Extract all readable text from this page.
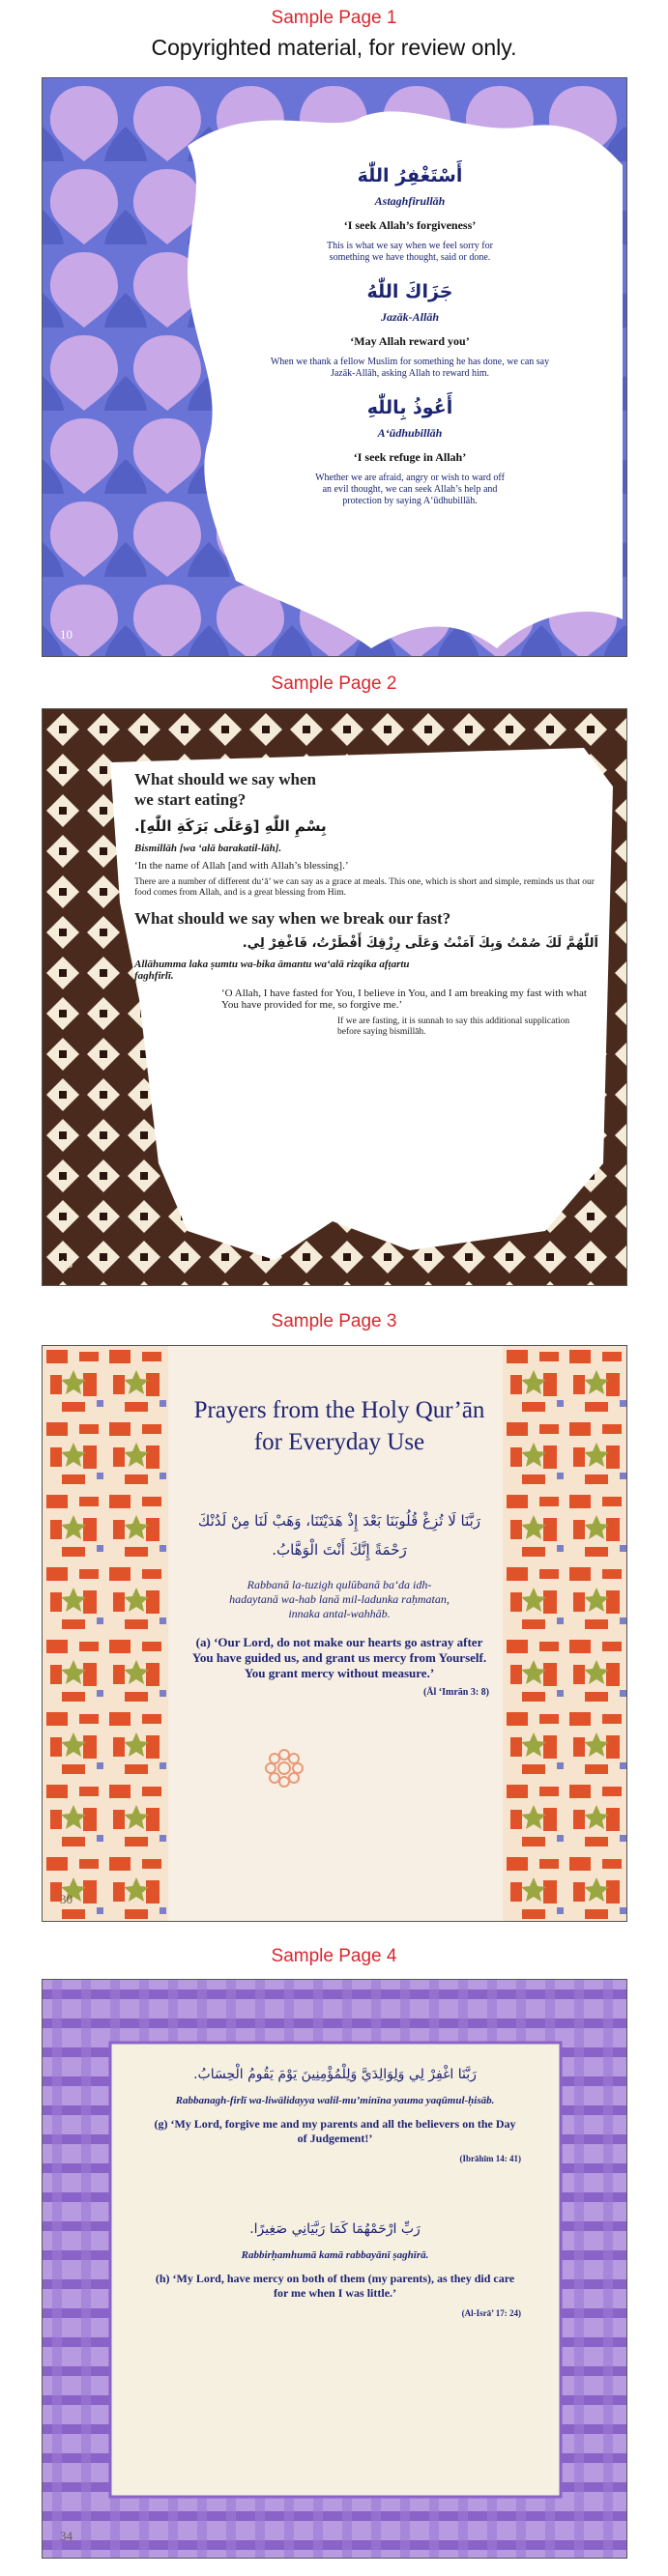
Sample Page 1
Copyrighted material, for review only.

أَسْتَغْفِرُ اللّٰهَ

Astaghfirullāh

‘I seek Allah’s forgiveness’

This is what we say when we feel sorry for something we have thought, said or done.

جَزَاكَ اللّٰهُ

Jazāk-Allāh

‘May Allah reward you’

When we thank a fellow Muslim for something he has done, we can say Jazāk-Allāh, asking Allah to reward him.

أَعُوذُ بِاللّٰهِ

A‘ūdhubillāh

‘I seek refuge in Allah’

Whether we are afraid, angry or wish to ward off an evil thought, we can seek Allah’s help and protection by saying A‘ūdhubillāh.

10
Sample Page 2

What should we say when we start eating?

بِسْمِ اللّٰهِ [وَعَلَى بَرَكَةِ اللّٰهِ].

Bismillāh [wa ‘alā barakatil-lāh].

‘In the name of Allah [and with Allah’s blessing].’

There are a number of different du‘ā’ we can say as a grace at meals. This one, which is short and simple, reminds us that our food comes from Allah, and is a great blessing from Him.

What should we say when we break our fast?

اَللّٰهُمَّ لَكَ صُمْتُ وَبِكَ آمَنْتُ وَعَلَى رِزْقِكَ أَفْطَرْتُ، فَاغْفِرْ لِي.

Allāhumma laka ṣumtu wa-bika āmantu wa‘alā rizqika afṭartu faghfirlī.

‘O Allah, I have fasted for You, I believe in You, and I am breaking my fast with what You have provided for me, so forgive me.’

If we are fasting, it is sunnah to say this additional supplication before saying bismillāh.

16
Sample Page 3

Prayers from the Holy Qur’ān for Everyday Use

رَبَّنَا لَا تُزِغْ قُلُوبَنَا بَعْدَ إِذْ هَدَيْتَنَا، وَهَبْ لَنَا مِنْ لَدُنْكَ رَحْمَةً إِنَّكَ أَنْتَ الْوَهَّابُ.

Rabbanā la-tuzigh qulūbanā ba‘da idh-hadaytanā wa-hab lanā mil-ladunka raḥmatan, innaka antal-wahhāb.

(a) ‘Our Lord, do not make our hearts go astray after You have guided us, and grant us mercy from Yourself. You grant mercy without measure.’

(Āl ‘Imrān 3: 8)

30
Sample Page 4

رَبَّنَا اغْفِرْ لِي وَلِوَالِدَيَّ وَلِلْمُؤْمِنِينَ يَوْمَ يَقُومُ الْحِسَابُ.

Rabbanagh-firlī wa-liwālidayya walil-mu’minīna yauma yaqūmul-ḥisāb.

(g) ‘My Lord, forgive me and my parents and all the believers on the Day of Judgement!’

(Ibrāhīm 14: 41)

رَبِّ ارْحَمْهُمَا كَمَا رَبَّيَانِي صَغِيرًا.

Rabbirḥamhumā kamā rabbayānī ṣaghīrā.

(h) ‘My Lord, have mercy on both of them (my parents), as they did care for me when I was little.’

(Al-Isrā’ 17: 24)

34
